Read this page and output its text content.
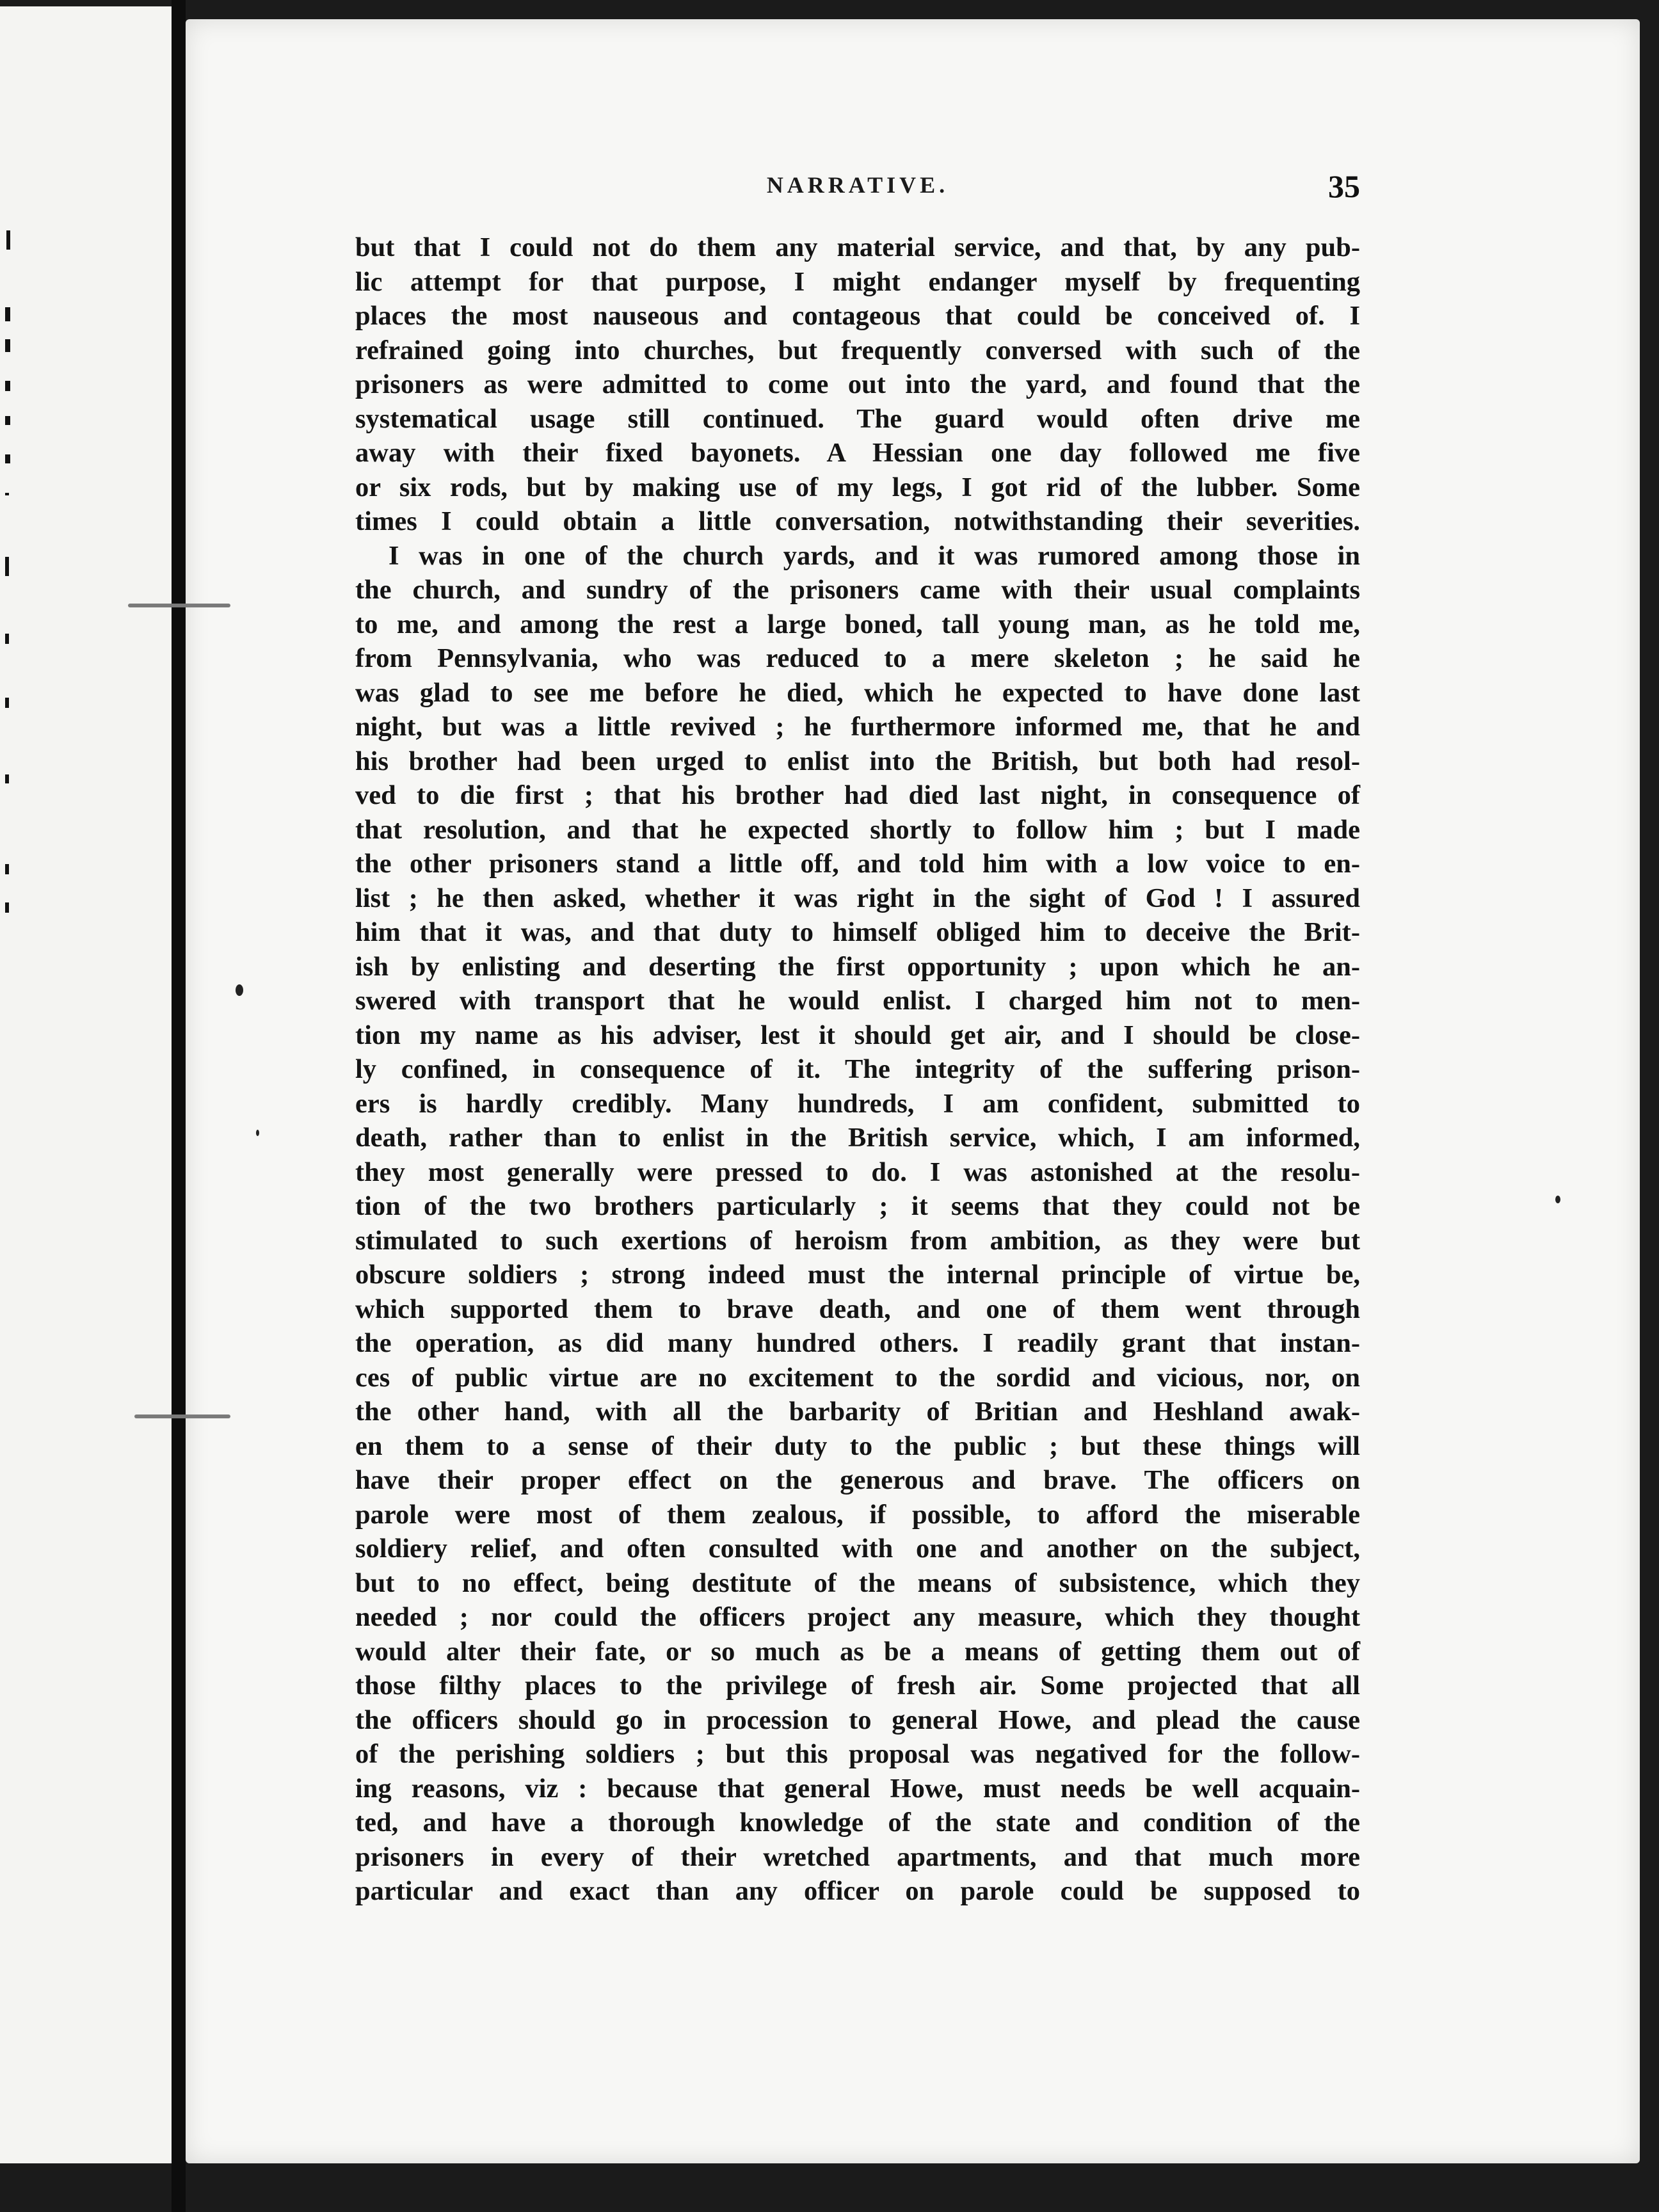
NARRATIVE.	35
but that I could not do them any material service, and that, by any pub-
lic attempt for that purpose, I might endanger myself by frequenting
places the most nauseous and contageous that could be conceived of. I
refrained going into churches, but frequently conversed with such of the
prisoners as were admitted to come out into the yard, and found that the
systematical usage still continued. The guard would often drive me
away with their fixed bayonets. A Hessian one day followed me five
or six rods, but by making use of my legs, I got rid of the lubber. Some
times I could obtain a little conversation, notwithstanding their severities.
I was in one of the church yards, and it was rumored among those in
the church, and sundry of the prisoners came with their usual complaints
to me, and among the rest a large boned, tall young man, as he told me,
from Pennsylvania, who was reduced to a mere skeleton ; he said he
was glad to see me before he died, which he expected to have done last
night, but was a little revived ; he furthermore informed me, that he and
his brother had been urged to enlist into the British, but both had resol-
ved to die first ; that his brother had died last night, in consequence of
that resolution, and that he expected shortly to follow him ; but I made
the other prisoners stand a little off, and told him with a low voice to en-
list ; he then asked, whether it was right in the sight of God ! I assured
him that it was, and that duty to himself obliged him to deceive the Brit-
ish by enlisting and deserting the first opportunity ; upon which he an-
swered with transport that he would enlist. I charged him not to men-
tion my name as his adviser, lest it should get air, and I should be close-
ly confined, in consequence of it. The integrity of the suffering prison-
ers is hardly credibly. Many hundreds, I am confident, submitted to
death, rather than to enlist in the British service, which, I am informed,
they most generally were pressed to do. I was astonished at the resolu-
tion of the two brothers particularly ; it seems that they could not be
stimulated to such exertions of heroism from ambition, as they were but
obscure soldiers ; strong indeed must the internal principle of virtue be,
which supported them to brave death, and one of them went through
the operation, as did many hundred others. I readily grant that instan-
ces of public virtue are no excitement to the sordid and vicious, nor, on
the other hand, with all the barbarity of Britian and Heshland awak-
en them to a sense of their duty to the public ; but these things will
have their proper effect on the generous and brave. The officers on
parole were most of them zealous, if possible, to afford the miserable
soldiery relief, and often consulted with one and another on the subject,
but to no effect, being destitute of the means of subsistence, which they
needed ; nor could the officers project any measure, which they thought
would alter their fate, or so much as be a means of getting them out of
those filthy places to the privilege of fresh air. Some projected that all
the officers should go in procession to general Howe, and plead the cause
of the perishing soldiers ; but this proposal was negatived for the follow-
ing reasons, viz : because that general Howe, must needs be well acquain-
ted, and have a thorough knowledge of the state and condition of the
prisoners in every of their wretched apartments, and that much more
particular and exact than any officer on parole could be supposed to
